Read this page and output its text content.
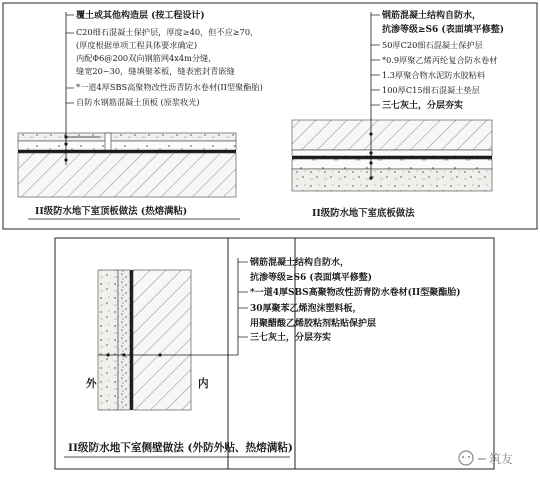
覆土或其他构造层 (按工程设计)
C20细石混凝土保护层，厚度≥40，但不应≥70，
(厚度根据单项工程具体要求确定)
内配Φ6@200双向钢筋网4x4m分缝，
缝宽20~30，缝填聚苯板，缝表密封青嵌缝
*一道4厚SBS高聚物改性沥青防水卷材(II型聚酯胎)
自防水钢筋混凝土顶板 (原浆收光)
II级防水地下室顶板做法 (热熔满粘)
钢筋混凝土结构自防水，
抗渗等级≥S6 (表面填平修整)
50厚C20细石混凝土保护层
*0.9厚聚乙烯丙纶复合防水卷材
1.3厚聚合物水泥防水胶粘料
100厚C15细石混凝土垫层
三七灰土，分层夯实
II级防水地下室底板做法
钢筋混凝土结构自防水，
抗渗等级≥S6 (表面填平修整)
*一道4厚SBS高聚物改性沥青防水卷材(II型聚酯胎)
30厚聚苯乙烯泡沫塑料板，
用聚醋酸乙烯胶粘剂粘贴保护层
三七灰土，分层夯实
外	内
II级防水地下室侧壁做法 (外防外贴、热熔满粘)
筑友
